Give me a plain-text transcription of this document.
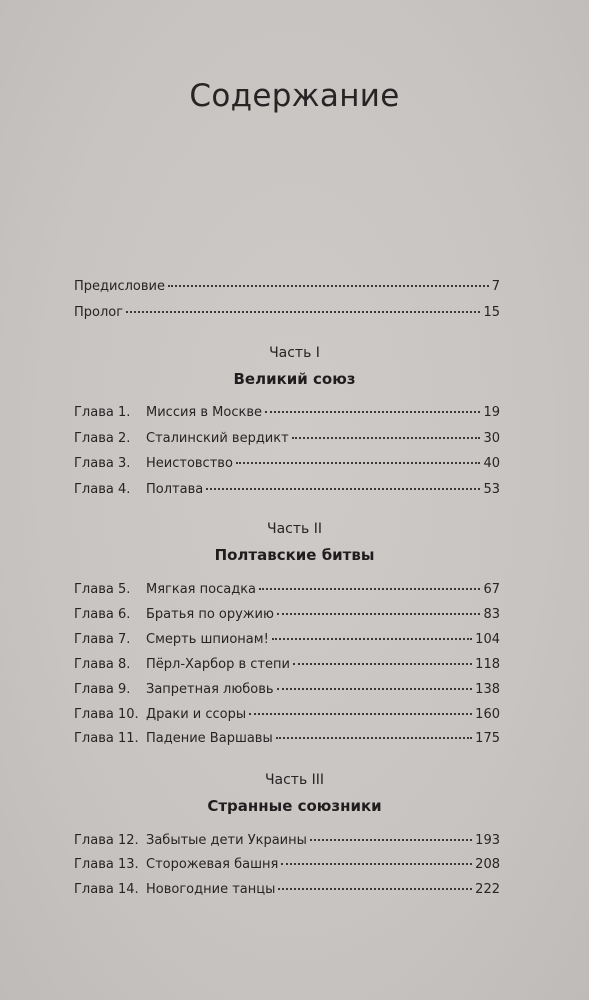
Содержание
Предисловие	7
Пролог	15
Часть I
Великий союз
Глава 1.	Миссия в Москве	19
Глава 2.	Сталинский вердикт	30
Глава 3.	Неистовство	40
Глава 4.	Полтава	53
Часть II
Полтавские битвы
Глава 5.	Мягкая посадка	67
Глава 6.	Братья по оружию	83
Глава 7.	Смерть шпионам!	104
Глава 8.	Пёрл-Харбор в степи	118
Глава 9.	Запретная любовь	138
Глава 10. Драки и ссоры	160
Глава 11. Падение Варшавы	175
Часть III
Странные союзники
Глава 12. Забытые дети Украины	193
Глава 13. Сторожевая башня	208
Глава 14. Новогодние танцы	222
